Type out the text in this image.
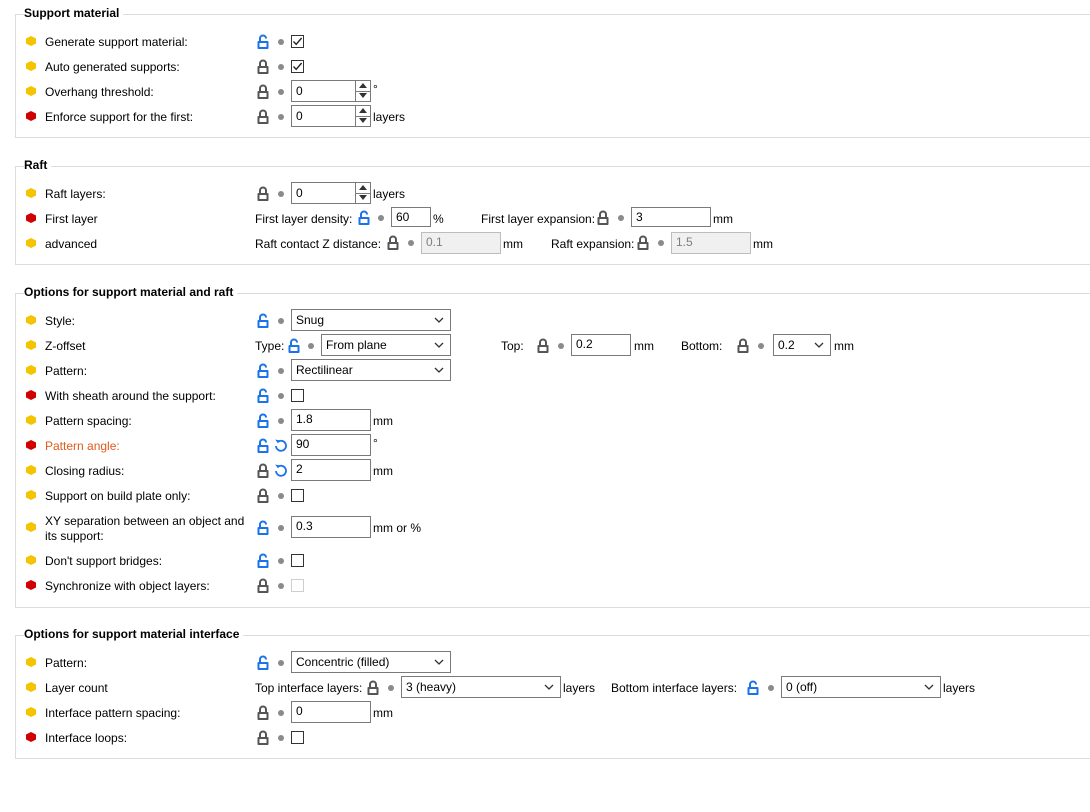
Support material
Generate support material:
Auto generated supports:
Overhang threshold:	0	°
Enforce support for the first:	0	layers
Raft
Raft layers:	0	layers
First layer	First layer density:	60	%	First layer expansion:	3	mm
advanced	Raft contact Z distance:	0.1	mm Raft expansion:	1.5	mm
Options for support material and raft
Style:	Snug
Z-offset	Type:	From plane	Top:	0.2	mm Bottom:	0.2	mm
Pattern:	Rectilinear
With sheath around the support:
Pattern spacing:	1.8	mm
Pattern angle:	90	°
Closing radius:	2	mm
Support on build plate only:
XY separation between an object and
its support:
0.3	mm or %
Don't support bridges:
Synchronize with object layers:
Options for support material interface
Pattern:	Concentric (filled)
Layer count	Top interface layers:	3 (heavy)	layers Bottom interface layers:	0 (off)	layers
Interface pattern spacing:	0	mm
Interface loops:
